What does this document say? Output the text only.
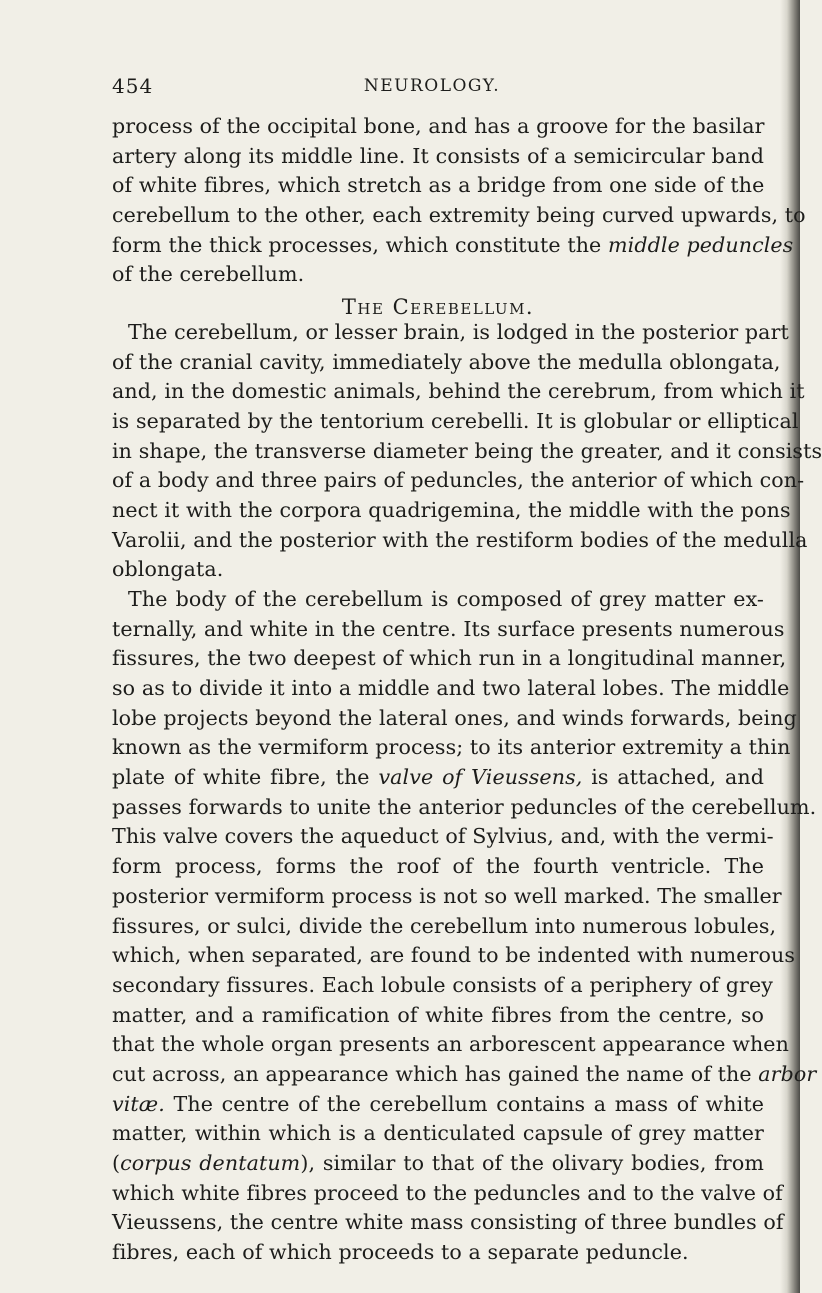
454	NEUROLOGY.
The Cerebellum.
process of the occipital bone, and has a groove for the basilar
artery along its middle line. It consists of a semicircular band
of white fibres, which stretch as a bridge from one side of the
cerebellum to the other, each extremity being curved upwards, to
form the thick processes, which constitute the middle peduncles
of the cerebellum.
The cerebellum, or lesser brain, is lodged in the posterior part
of the cranial cavity, immediately above the medulla oblongata,
and, in the domestic animals, behind the cerebrum, from which it
is separated by the tentorium cerebelli. It is globular or elliptical
in shape, the transverse diameter being the greater, and it consists
of a body and three pairs of peduncles, the anterior of which con-
nect it with the corpora quadrigemina, the middle with the pons
Varolii, and the posterior with the restiform bodies of the medulla
oblongata.
The body of the cerebellum is composed of grey matter ex-
ternally, and white in the centre. Its surface presents numerous
fissures, the two deepest of which run in a longitudinal manner,
so as to divide it into a middle and two lateral lobes. The middle
lobe projects beyond the lateral ones, and winds forwards, being
known as the vermiform process; to its anterior extremity a thin
plate of white fibre, the valve of Vieussens, is attached, and
passes forwards to unite the anterior peduncles of the cerebellum.
This valve covers the aqueduct of Sylvius, and, with the vermi-
form process, forms the roof of the fourth ventricle. The
posterior vermiform process is not so well marked. The smaller
fissures, or sulci, divide the cerebellum into numerous lobules,
which, when separated, are found to be indented with numerous
secondary fissures. Each lobule consists of a periphery of grey
matter, and a ramification of white fibres from the centre, so
that the whole organ presents an arborescent appearance when
cut across, an appearance which has gained the name of the arbor
vitæ. The centre of the cerebellum contains a mass of white
matter, within which is a denticulated capsule of grey matter
(corpus dentatum), similar to that of the olivary bodies, from
which white fibres proceed to the peduncles and to the valve of
Vieussens, the centre white mass consisting of three bundles of
fibres, each of which proceeds to a separate peduncle.
